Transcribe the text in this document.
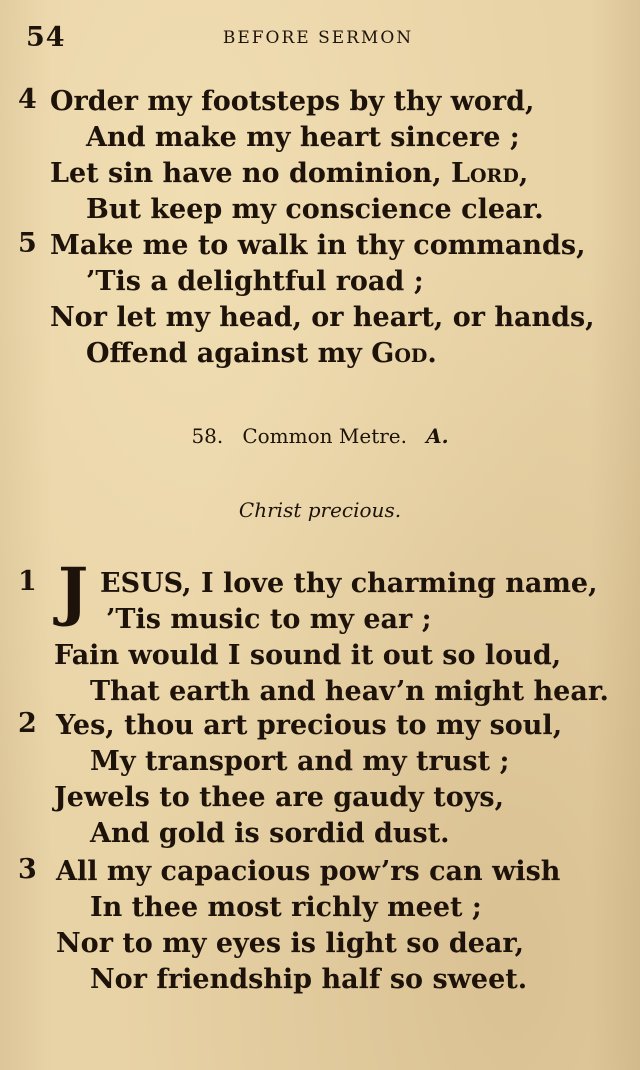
54	BEFORE SERMON
4 Order my footsteps by thy word,
And make my heart sincere ;
Let sin have no dominion, Lord,
But keep my conscience clear.
5 Make me to walk in thy commands,
’Tis a delightful road ;
Nor let my head, or heart, or hands,
Offend against my God.
58. Common Metre. A.
Christ precious.
1 J ESUS, I love thy charming name,
’Tis music to my ear ;
Fain would I sound it out so loud,
That earth and heav’n might hear.
2 Yes, thou art precious to my soul,
My transport and my trust ;
Jewels to thee are gaudy toys,
And gold is sordid dust.
3 All my capacious pow’rs can wish
In thee most richly meet ;
Nor to my eyes is light so dear,
Nor friendship half so sweet.
